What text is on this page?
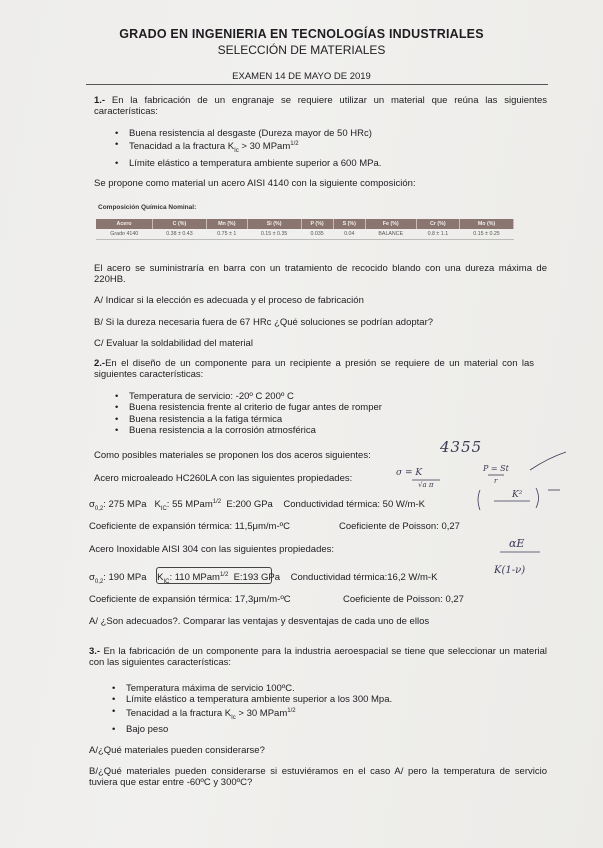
GRADO EN INGENIERIA EN TECNOLOGÍAS INDUSTRIALES
SELECCIÓN DE MATERIALES
EXAMEN 14 DE MAYO DE 2019
1.- En la fabricación de un engranaje se requiere utilizar un material que reúna las siguientes características:
• Buena resistencia al desgaste (Dureza mayor de 50 HRc)
• Tenacidad a la fractura $K_{Ic} > 30$ MPam$^{1/2}$
• Límite elástico a temperatura ambiente superior a 600 MPa.
Se propone como material un acero AISI 4140 con la siguiente composición:
Composición Química Nominal:
Acero	C (%)	Mn (%)	Si (%)	P (%)	S (%)	Fe (%)	Cr (%)	Mo (%)
Grado 4140	0.38 ± 0.43	0.75 ± 1	0.15 ± 0.35	0.035	0.04	BALANCE	0.8 ± 1.1	0.15 ± 0.25
El acero se suministraría en barra con un tratamiento de recocido blando con una dureza máxima de 220HB.
A/ Indicar si la elección es adecuada y el proceso de fabricación
B/ Si la dureza necesaria fuera de 67 HRc ¿Qué soluciones se podrían adoptar?
C/ Evaluar la soldabilidad del material
2.-En el diseño de un componente para un recipiente a presión se requiere de un material con las siguientes características:
• Temperatura de servicio: -20º C 200º C
• Buena resistencia frente al criterio de fugar antes de romper
• Buena resistencia a la fatiga térmica
• Buena resistencia a la corrosión atmosférica
Como posibles materiales se proponen los dos aceros siguientes:
Acero microaleado HC260LA con las siguientes propiedades:
$\sigma_{0,2}$: 275 MPa $K_{IC}$: 55 MPam$^{1/2}$ E:200 GPa Conductividad térmica: 50 W/m-K
Coeficiente de expansión térmica: 11,5μm/m-ºC	Coeficiente de Poisson: 0,27
Acero Inoxidable AISI 304 con las siguientes propiedades:
$\sigma_{0,2}$: 190 MPa $K_{IC}$: 110 MPam$^{1/2}$ E:193 GPa Conductividad térmica:16,2 W/m-K
Coeficiente de expansión térmica: 17,3μm/m-ºC	Coeficiente de Poisson: 0,27
A/ ¿Son adecuados?. Comparar las ventajas y desventajas de cada uno de ellos
3.- En la fabricación de un componente para la industria aeroespacial se tiene que seleccionar un material con las siguientes características:
• Temperatura máxima de servicio 100ºC.
• Límite elástico a temperatura ambiente superior a los 300 Mpa.
• Tenacidad a la fractura $K_{Ic} > 30$ MPam$^{1/2}$
• Bajo peso
A/¿Qué materiales pueden considerarse?
B/¿Qué materiales pueden considerarse si estuviéramos en el caso A/ pero la temperatura de servicio tuviera que estar entre -60ºC y 300ºC?
4355
σ = K
√a π
P = St
r
K²
αE
K(1-ν)
